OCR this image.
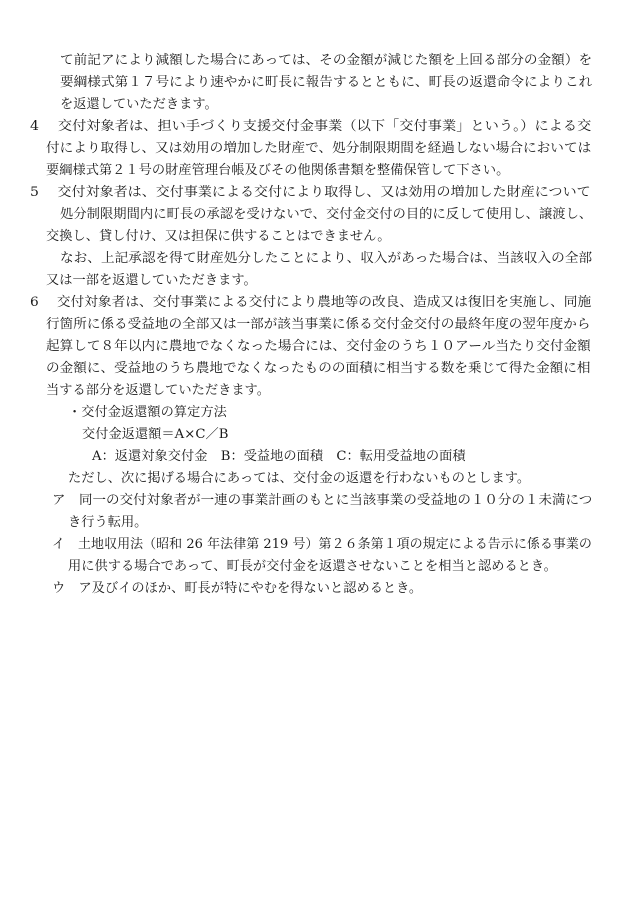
て前記アにより減額した場合にあっては、その金額が減じた額を上回る部分の金額）を
要綱様式第１７号により速やかに町長に報告するとともに、町長の返還命令によりこれ
を返還していただきます。
4　 交付対象者は、担い手づくり支援交付金事業（以下「交付事業」という。）による交
付により取得し、又は効用の増加した財産で、処分制限期間を経過しない場合においては
要綱様式第２１号の財産管理台帳及びその他関係書類を整備保管して下さい。
5　 交付対象者は、交付事業による交付により取得し、又は効用の増加した財産について
処分制限期間内に町長の承認を受けないで、交付金交付の目的に反して使用し、譲渡し、
交換し、貸し付け、又は担保に供することはできません。
なお、上記承認を得て財産処分したことにより、収入があった場合は、当該収入の全部
又は一部を返還していただきます。
6　 交付対象者は、交付事業による交付により農地等の改良、造成又は復旧を実施し、同施
行箇所に係る受益地の全部又は一部が該当事業に係る交付金交付の最終年度の翌年度から
起算して８年以内に農地でなくなった場合には、交付金のうち１０アール当たり交付金額
の金額に、受益地のうち農地でなくなったものの面積に相当する数を乗じて得た金額に相
当する部分を返還していただきます。
・交付金返還額の算定方法
交付金返還額＝A×C／B
A：返還対象交付金　B：受益地の面積　C：転用受益地の面積
ただし、次に掲げる場合にあっては、交付金の返還を行わないものとします。
ア　同一の交付対象者が一連の事業計画のもとに当該事業の受益地の１０分の１未満につ
き行う転用。
イ　土地収用法（昭和 26 年法律第 219 号）第２６条第１項の規定による告示に係る事業の
用に供する場合であって、町長が交付金を返還させないことを相当と認めるとき。
ウ　ア及びイのほか、町長が特にやむを得ないと認めるとき。
